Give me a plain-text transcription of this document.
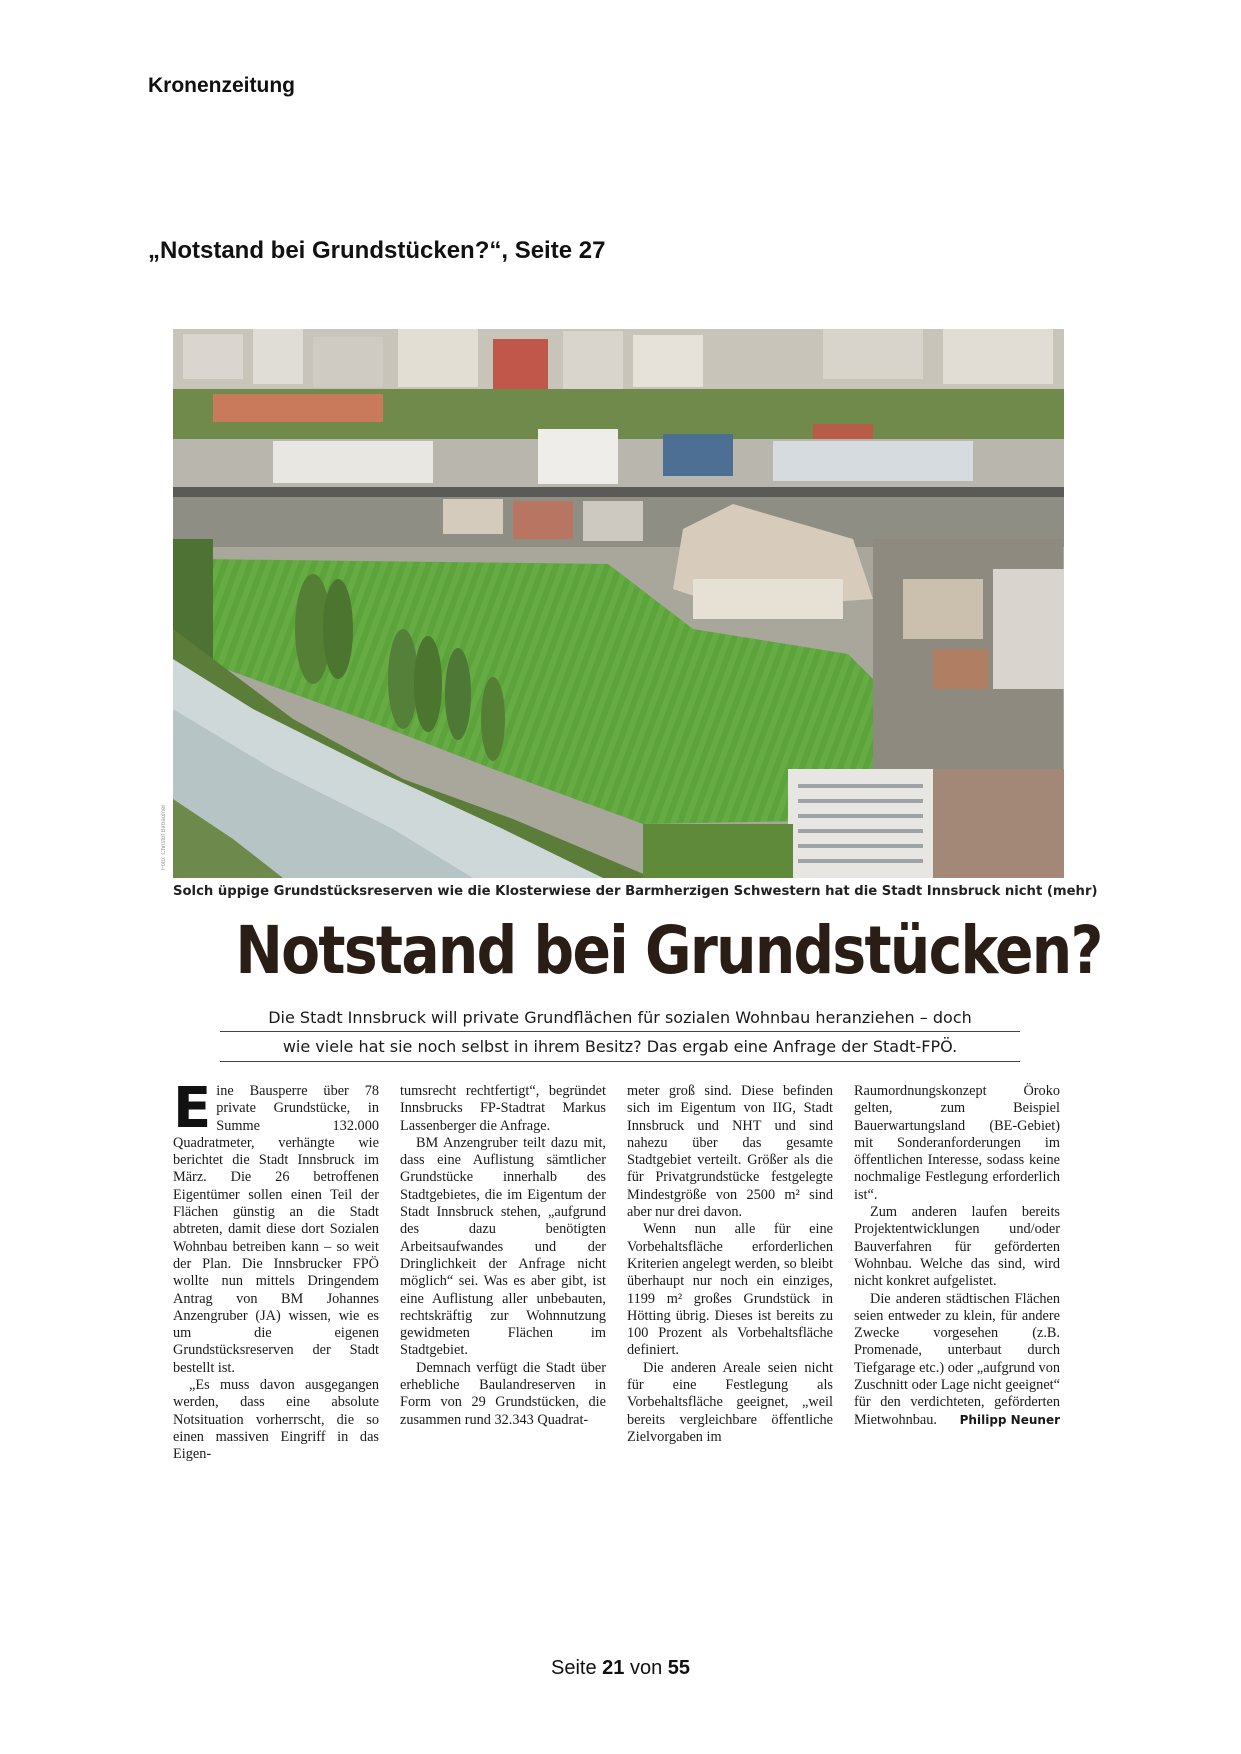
Kronenzeitung
„Notstand bei Grundstücken?“, Seite 27
Foto: Christof Birbaumer
Solch üppige Grundstücksreserven wie die Klosterwiese der Barmherzigen Schwestern hat die Stadt Innsbruck nicht (mehr)
Notstand bei Grundstücken?
Die Stadt Innsbruck will private Grundflächen für sozialen Wohnbau heranziehen – doch
wie viele hat sie noch selbst in ihrem Besitz? Das ergab eine Anfrage der Stadt-FPÖ.

Eine Bausperre über 78 private Grundstücke, in Summe 132.000 Quadratmeter, verhängte wie berichtet die Stadt Innsbruck im März. Die 26 betroffenen Eigentümer sollen einen Teil der Flächen günstig an die Stadt abtreten, damit diese dort Sozialen Wohnbau betreiben kann – so weit der Plan. Die Innsbrucker FPÖ wollte nun mittels Dringendem Antrag von BM Johannes Anzengruber (JA) wissen, wie es um die eigenen Grundstücksreserven der Stadt bestellt ist.

„Es muss davon ausgegangen werden, dass eine absolute Notsituation vorherrscht, die so einen massiven Eingriff in das Eigen-

tumsrecht rechtfertigt“, begründet Innsbrucks FP-Stadtrat Markus Lassenberger die Anfrage.

BM Anzengruber teilt dazu mit, dass eine Auflistung sämtlicher Grundstücke innerhalb des Stadtgebietes, die im Eigentum der Stadt Innsbruck stehen, „aufgrund des dazu benötigten Arbeitsaufwandes und der Dringlichkeit der Anfrage nicht möglich“ sei. Was es aber gibt, ist eine Auflistung aller unbebauten, rechtskräftig zur Wohnnutzung gewidmeten Flächen im Stadtgebiet.

Demnach verfügt die Stadt über erhebliche Baulandreserven in Form von 29 Grundstücken, die zusammen rund 32.343 Quadrat-

meter groß sind. Diese befinden sich im Eigentum von IIG, Stadt Innsbruck und NHT und sind nahezu über das gesamte Stadtgebiet verteilt. Größer als die für Privatgrundstücke festgelegte Mindestgröße von 2500 m² sind aber nur drei davon.

Wenn nun alle für eine Vorbehaltsfläche erforderlichen Kriterien angelegt werden, so bleibt überhaupt nur noch ein einziges, 1199 m² großes Grundstück in Hötting übrig. Dieses ist bereits zu 100 Prozent als Vorbehaltsfläche definiert.

Die anderen Areale seien nicht für eine Festlegung als Vorbehaltsfläche geeignet, „weil bereits vergleichbare öffentliche Zielvorgaben im

Raumordnungskonzept Öroko gelten, zum Beispiel Bauerwartungsland (BE-Gebiet) mit Sonderanforderungen im öffentlichen Interesse, sodass keine nochmalige Festlegung erforderlich ist“.

Zum anderen laufen bereits Projektentwicklungen und/oder Bauverfahren für geförderten Wohnbau. Welche das sind, wird nicht konkret aufgelistet.

Die anderen städtischen Flächen seien entweder zu klein, für andere Zwecke vorgesehen (z.B. Promenade, unterbaut durch Tiefgarage etc.) oder „aufgrund von Zuschnitt oder Lage nicht geeignet“ für den verdichteten, geförderten Mietwohnbau.	Philipp Neuner

Seite 21 von 55
